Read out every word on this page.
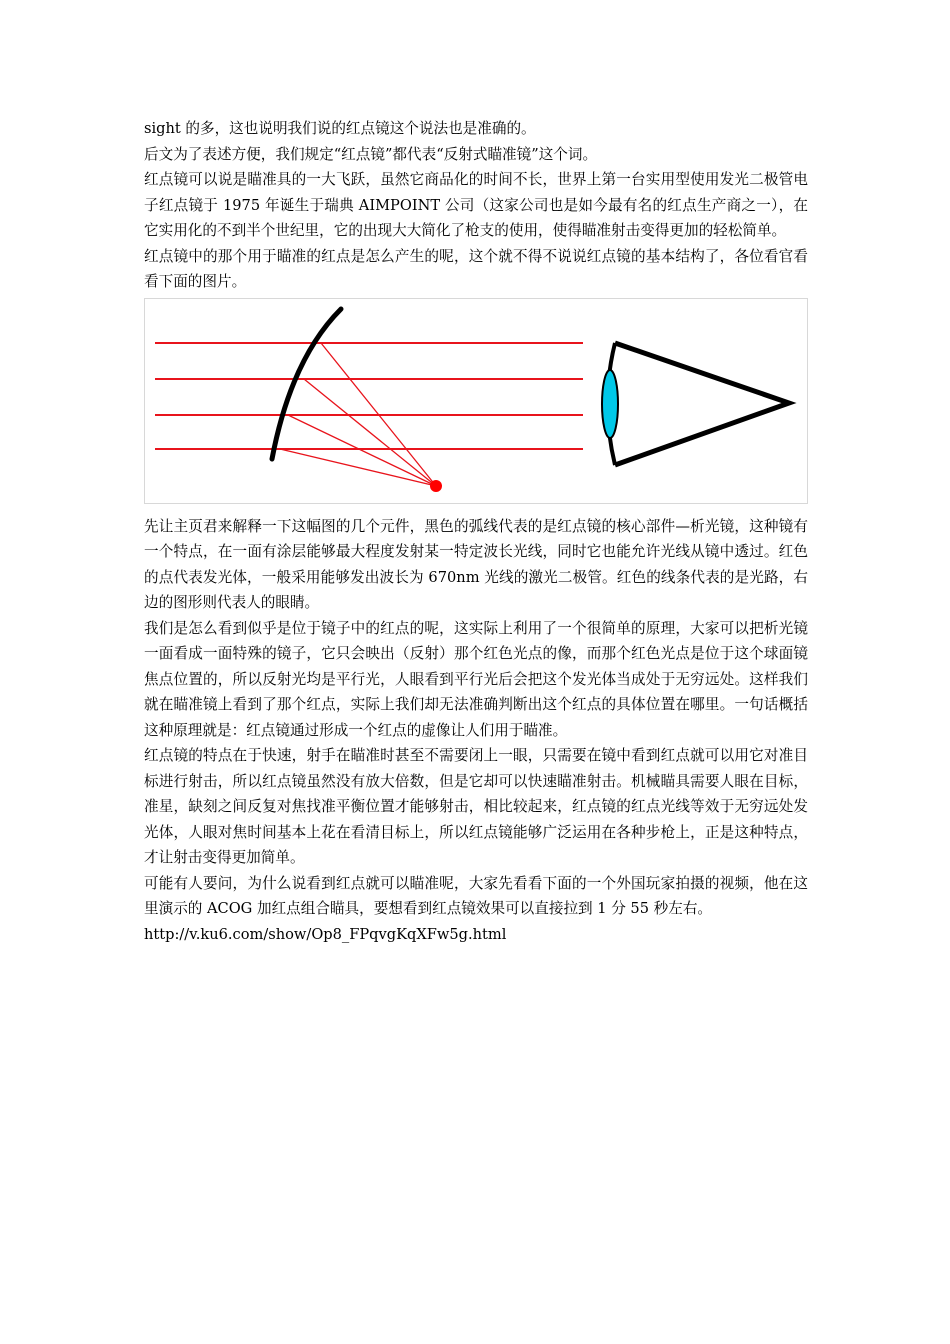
sight 的多，这也说明我们说的红点镜这个说法也是准确的。

后文为了表述方便，我们规定“红点镜”都代表“反射式瞄准镜”这个词。

红点镜可以说是瞄准具的一大飞跃，虽然它商品化的时间不长，世界上第一台实用型使用发光二极管电子红点镜于 1975 年诞生于瑞典 AIMPOINT 公司（这家公司也是如今最有名的红点生产商之一），在它实用化的不到半个世纪里，它的出现大大简化了枪支的使用，使得瞄准射击变得更加的轻松简单。

红点镜中的那个用于瞄准的红点是怎么产生的呢，这个就不得不说说红点镜的基本结构了，各位看官看看下面的图片。

先让主页君来解释一下这幅图的几个元件，黑色的弧线代表的是红点镜的核心部件—析光镜，这种镜有一个特点，在一面有涂层能够最大程度发射某一特定波长光线，同时它也能允许光线从镜中透过。红色的点代表发光体，一般采用能够发出波长为 670nm 光线的激光二极管。红色的线条代表的是光路，右边的图形则代表人的眼睛。

我们是怎么看到似乎是位于镜子中的红点的呢，这实际上利用了一个很简单的原理，大家可以把析光镜一面看成一面特殊的镜子，它只会映出（反射）那个红色光点的像，而那个红色光点是位于这个球面镜焦点位置的，所以反射光均是平行光，人眼看到平行光后会把这个发光体当成处于无穷远处。这样我们就在瞄准镜上看到了那个红点，实际上我们却无法准确判断出这个红点的具体位置在哪里。一句话概括这种原理就是：红点镜通过形成一个红点的虚像让人们用于瞄准。

红点镜的特点在于快速，射手在瞄准时甚至不需要闭上一眼，只需要在镜中看到红点就可以用它对准目标进行射击，所以红点镜虽然没有放大倍数，但是它却可以快速瞄准射击。机械瞄具需要人眼在目标，准星，缺刻之间反复对焦找准平衡位置才能够射击，相比较起来，红点镜的红点光线等效于无穷远处发光体，人眼对焦时间基本上花在看清目标上，所以红点镜能够广泛运用在各种步枪上，正是这种特点，才让射击变得更加简单。

可能有人要问，为什么说看到红点就可以瞄准呢，大家先看看下面的一个外国玩家拍摄的视频，他在这里演示的 ACOG 加红点组合瞄具，要想看到红点镜效果可以直接拉到 1 分 55 秒左右。

http://v.ku6.com/show/Op8_FPqvgKqXFw5g.html
